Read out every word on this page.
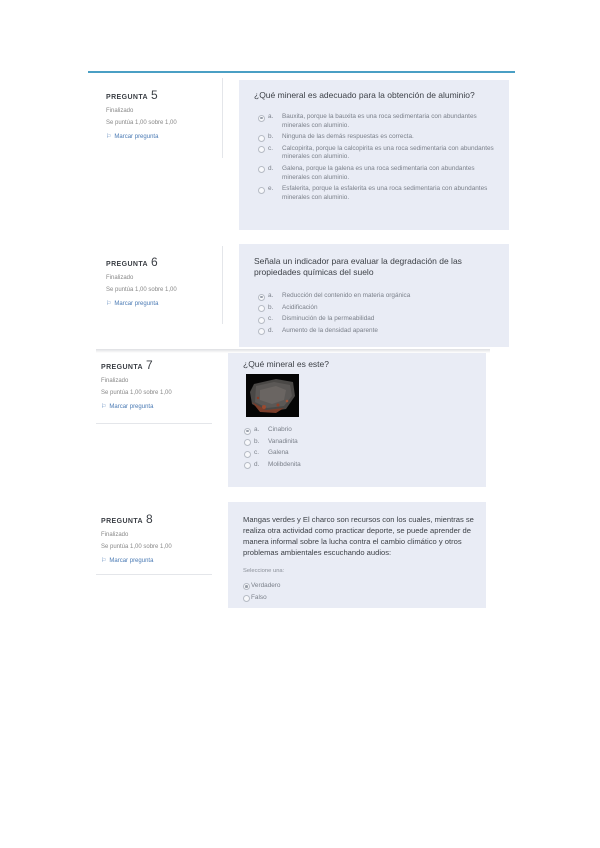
PREGUNTA 5
Finalizado
Se puntúa 1,00 sobre 1,00
⚐ Marcar pregunta
¿Qué mineral es adecuado para la obtención de aluminio?
a. Bauxita, porque la bauxita es una roca sedimentaria con abundantes minerales con aluminio.
b. Ninguna de las demás respuestas es correcta.
c. Calcopirita, porque la calcopirita es una roca sedimentaria con abundantes minerales con aluminio.
d. Galena, porque la galena es una roca sedimentaria con abundantes minerales con aluminio.
e. Esfalerita, porque la esfalerita es una roca sedimentaria con abundantes minerales con aluminio.
PREGUNTA 6
Finalizado
Se puntúa 1,00 sobre 1,00
⚐ Marcar pregunta
Señala un indicador para evaluar la degradación de las propiedades químicas del suelo
a. Reducción del contenido en materia orgánica
b. Acidificación
c. Disminución de la permeabilidad
d. Aumento de la densidad aparente
PREGUNTA 7
Finalizado
Se puntúa 1,00 sobre 1,00
⚐ Marcar pregunta
¿Qué mineral es este?
a. Cinabrio
b. Vanadinita
c. Galena
d. Molibdenita
PREGUNTA 8
Finalizado
Se puntúa 1,00 sobre 1,00
⚐ Marcar pregunta
Mangas verdes y El charco son recursos con los cuales, mientras se realiza otra actividad como practicar deporte, se puede aprender de manera informal sobre la lucha contra el cambio climático y otros problemas ambientales escuchando audios:
Seleccione una:
Verdadero
Falso
